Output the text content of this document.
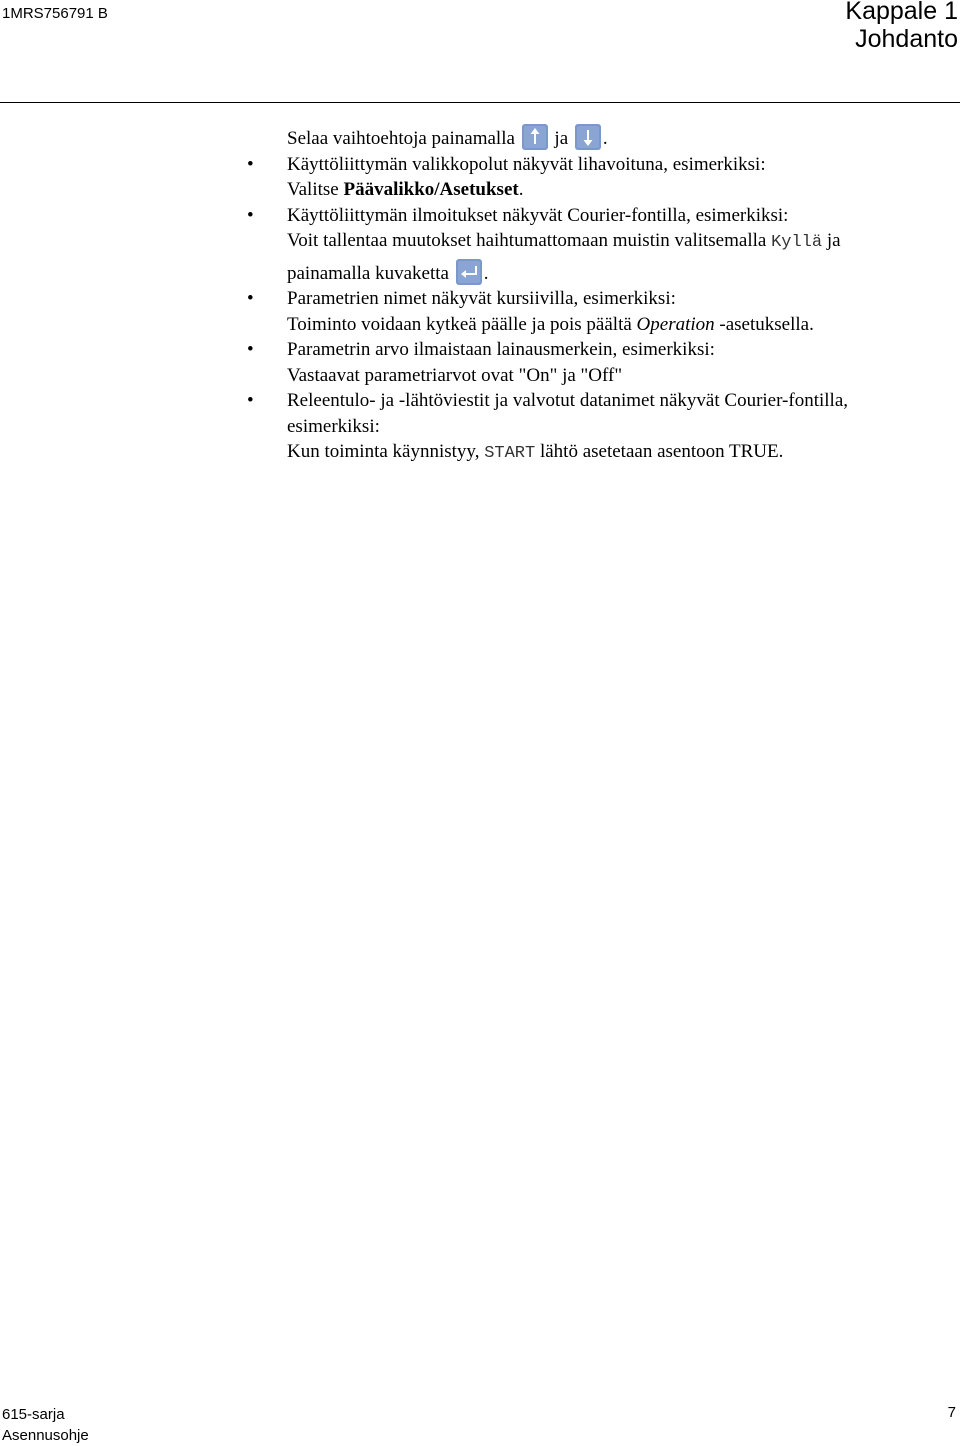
1MRS756791 B	Kappale 1
Johdanto

Selaa vaihtoehtoja painamalla ja .

• Käyttöliittymän valikkopolut näkyvät lihavoituna, esimerkiksi:
Valitse Päävalikko/Asetukset.

• Käyttöliittymän ilmoitukset näkyvät Courier-fontilla, esimerkiksi:
Voit tallentaa muutokset haihtumattomaan muistin valitsemalla Kyllä ja
painamalla kuvaketta .

• Parametrien nimet näkyvät kursiivilla, esimerkiksi:
Toiminto voidaan kytkeä päälle ja pois päältä Operation -asetuksella.

• Parametrin arvo ilmaistaan lainausmerkein, esimerkiksi:
Vastaavat parametriarvot ovat "On" ja "Off"

• Releentulo- ja -lähtöviestit ja valvotut datanimet näkyvät Courier-fontilla,
esimerkiksi:
Kun toiminta käynnistyy, START lähtö asetetaan asentoon TRUE.

615-sarja
Asennusohje
7
